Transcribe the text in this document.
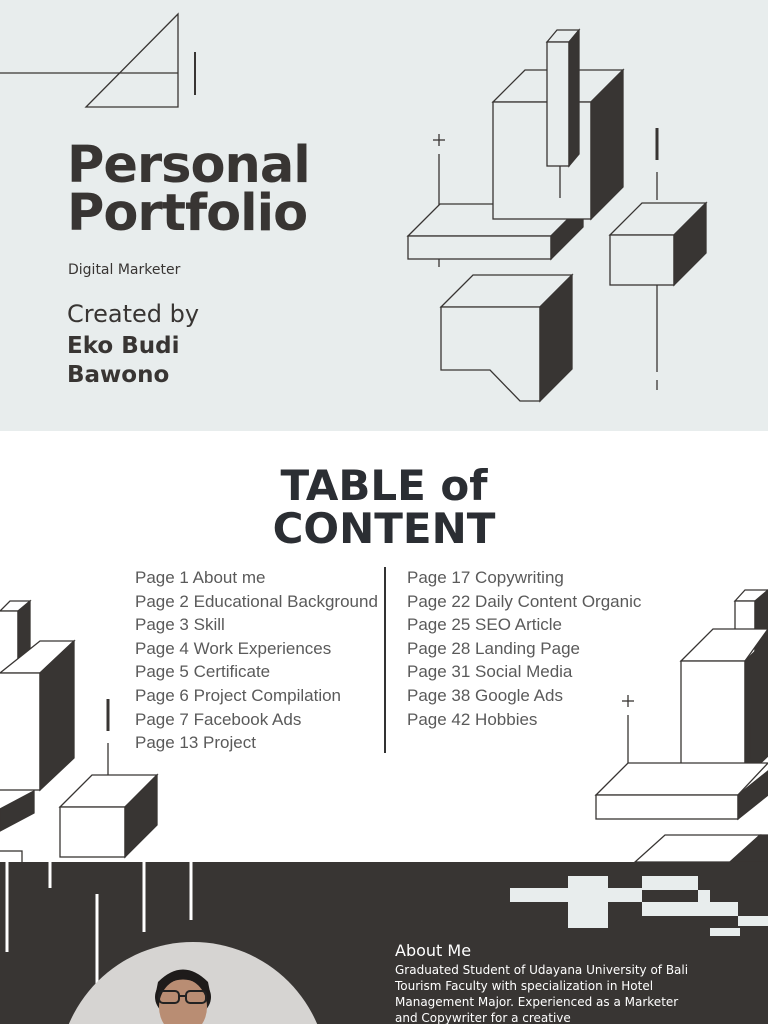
Personal
Portfolio
Digital Marketer
Created by
Eko Budi Bawono
TABLE of
CONTENT
Page 1 About me
Page 2 Educational Background
Page 3 Skill
Page 4 Work Experiences
Page 5 Certificate
Page 6 Project Compilation
Page 7 Facebook Ads
Page 13 Project
Page 17 Copywriting
Page 22 Daily Content Organic
Page 25 SEO Article
Page 28 Landing Page
Page 31 Social Media
Page 38 Google Ads
Page 42 Hobbies
About Me
Graduated Student of Udayana University of Bali Tourism Faculty with specialization in Hotel Management Major. Experienced as a Marketer and Copywriter for a creative
